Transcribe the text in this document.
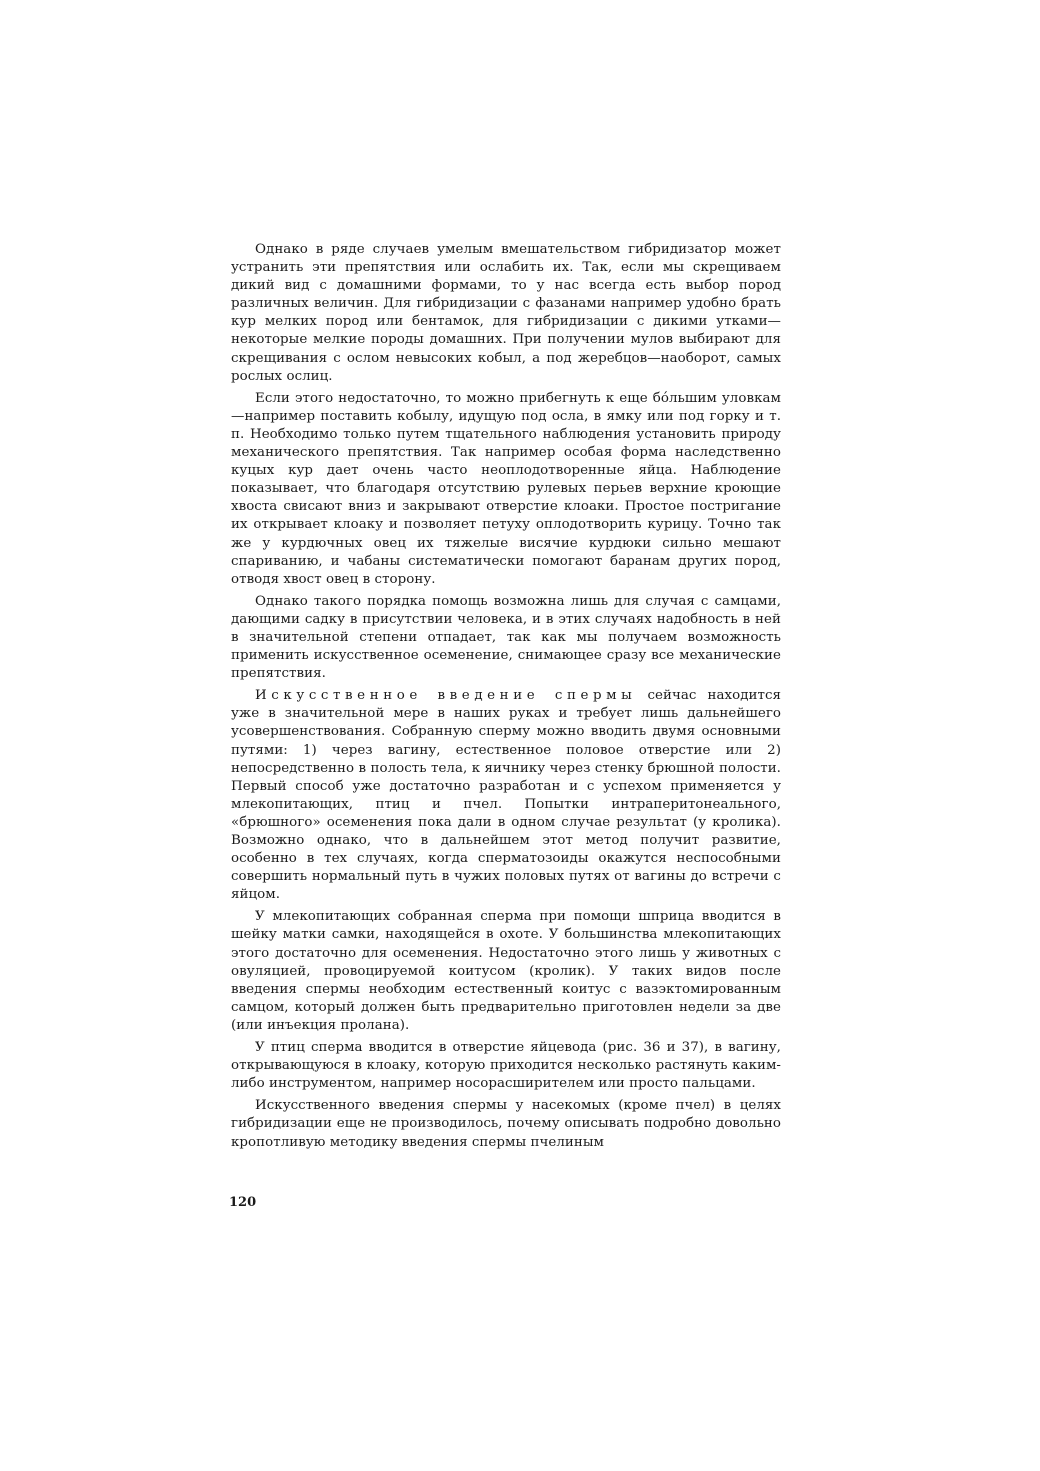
Однако в ряде случаев умелым вмешательством гибридизатор может устранить эти препятствия или ослабить их. Так, если мы скрещиваем дикий вид с домашними формами, то у нас всегда есть выбор пород различных величин. Для гибридизации с фазанами например удобно брать кур мелких пород или бентамок, для гибридизации с дикими утками—некоторые мелкие породы домашних. При получении мулов выбирают для скрещивания с ослом невысоких кобыл, а под жеребцов—наоборот, самых рослых ослиц.

Если этого недостаточно, то можно прибегнуть к еще бóльшим уловкам—например поставить кобылу, идущую под осла, в ямку или под горку и т. п. Необходимо только путем тщательного наблюдения установить природу механического препятствия. Так например особая форма наследственно куцых кур дает очень часто неоплодотворенные яйца. Наблюдение показывает, что благодаря отсутствию рулевых перьев верхние кроющие хвоста свисают вниз и закрывают отверстие клоаки. Простое постригание их открывает клоаку и позволяет петуху оплодотворить курицу. Точно так же у курдючных овец их тяжелые висячие курдюки сильно мешают спариванию, и чабаны систематически помогают баранам других пород, отводя хвост овец в сторону.

Однако такого порядка помощь возможна лишь для случая с самцами, дающими садку в присутствии человека, и в этих случаях надобность в ней в значительной степени отпадает, так как мы получаем возможность применить искусственное осеменение, снимающее сразу все механические препятствия.

Искусственное введение спермы сейчас находится уже в значительной мере в наших руках и требует лишь дальнейшего усовершенствования. Собранную сперму можно вводить двумя основными путями: 1) через вагину, естественное половое отверстие или 2) непосредственно в полость тела, к яичнику через стенку брюшной полости. Первый способ уже достаточно разработан и с успехом применяется у млекопитающих, птиц и пчел. Попытки интраперитонеального, «брюшного» осеменения пока дали в одном случае результат (у кролика). Возможно однако, что в дальнейшем этот метод получит развитие, особенно в тех случаях, когда сперматозоиды окажутся неспособными совершить нормальный путь в чужих половых путях от вагины до встречи с яйцом.

У млекопитающих собранная сперма при помощи шприца вводится в шейку матки самки, находящейся в охоте. У большинства млекопитающих этого достаточно для осеменения. Недостаточно этого лишь у животных с овуляцией, провоцируемой коитусом (кролик). У таких видов после введения спермы необходим естественный коитус с вазэктомированным самцом, который должен быть предварительно приготовлен недели за две (или инъекция пролана).

У птиц сперма вводится в отверстие яйцевода (рис. 36 и 37), в вагину, открывающуюся в клоаку, которую приходится несколько растянуть каким-либо инструментом, например носорасширителем или просто пальцами.

Искусственного введения спермы у насекомых (кроме пчел) в целях гибридизации еще не производилось, почему описывать подробно довольно кропотливую методику введения спермы пчелиным

120
